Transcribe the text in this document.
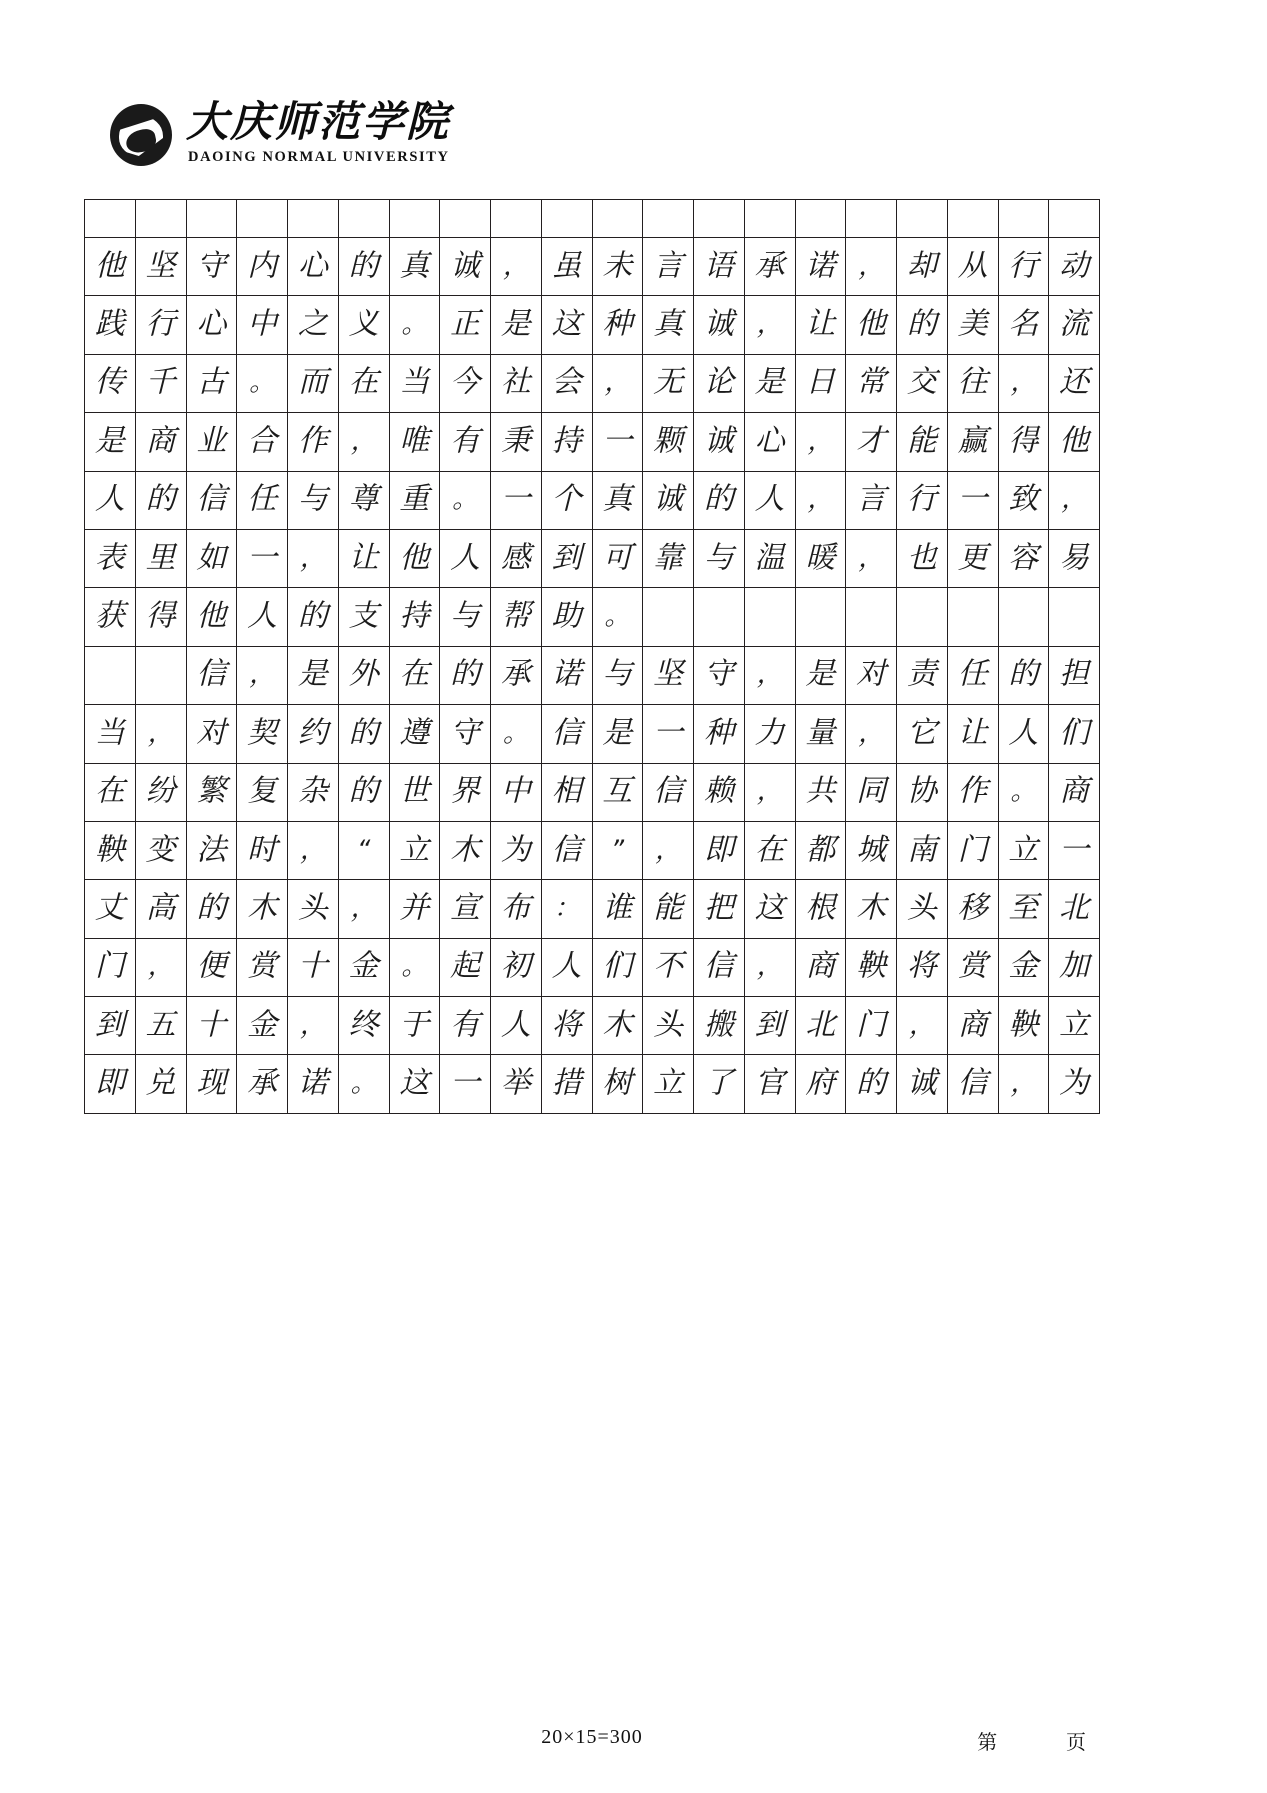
大庆师范学院
DAOING NORMAL UNIVERSITY
他 坚 守 内 心 的 真 诚 ， 虽 未 言 语 承 诺 ， 却 从 行 动
践 行 心 中 之 义 。 正 是 这 种 真 诚 ， 让 他 的 美 名 流
传 千 古 。 而 在 当 今 社 会 ， 无 论 是 日 常 交 往 ， 还
是 商 业 合 作 ， 唯 有 秉 持 一 颗 诚 心 ， 才 能 赢 得 他
人 的 信 任 与 尊 重 。 一 个 真 诚 的 人 ， 言 行 一 致 ，
表 里 如 一 ， 让 他 人 感 到 可 靠 与 温 暖 ， 也 更 容 易
获 得 他 人 的 支 持 与 帮 助 。
信 ， 是 外 在 的 承 诺 与 坚 守 ， 是 对 责 任 的 担
当 ， 对 契 约 的 遵 守 。 信 是 一 种 力 量 ， 它 让 人 们
在 纷 繁 复 杂 的 世 界 中 相 互 信 赖 ， 共 同 协 作 。 商
鞅 变 法 时 ，	“ 立 木 为 信	”	， 即 在 都 城 南 门 立 一
丈 高 的 木 头 ， 并 宣 布 ： 谁 能 把 这 根 木 头 移 至 北
门 ， 便 赏 十 金 。 起 初 人 们 不 信 ， 商 鞅 将 赏 金 加
到 五 十 金 ， 终 于 有 人 将 木 头 搬 到 北 门 ， 商 鞅 立
即 兑 现 承 诺 。 这 一 举 措 树 立 了 官 府 的 诚 信 ， 为
20×15=300	第	页
